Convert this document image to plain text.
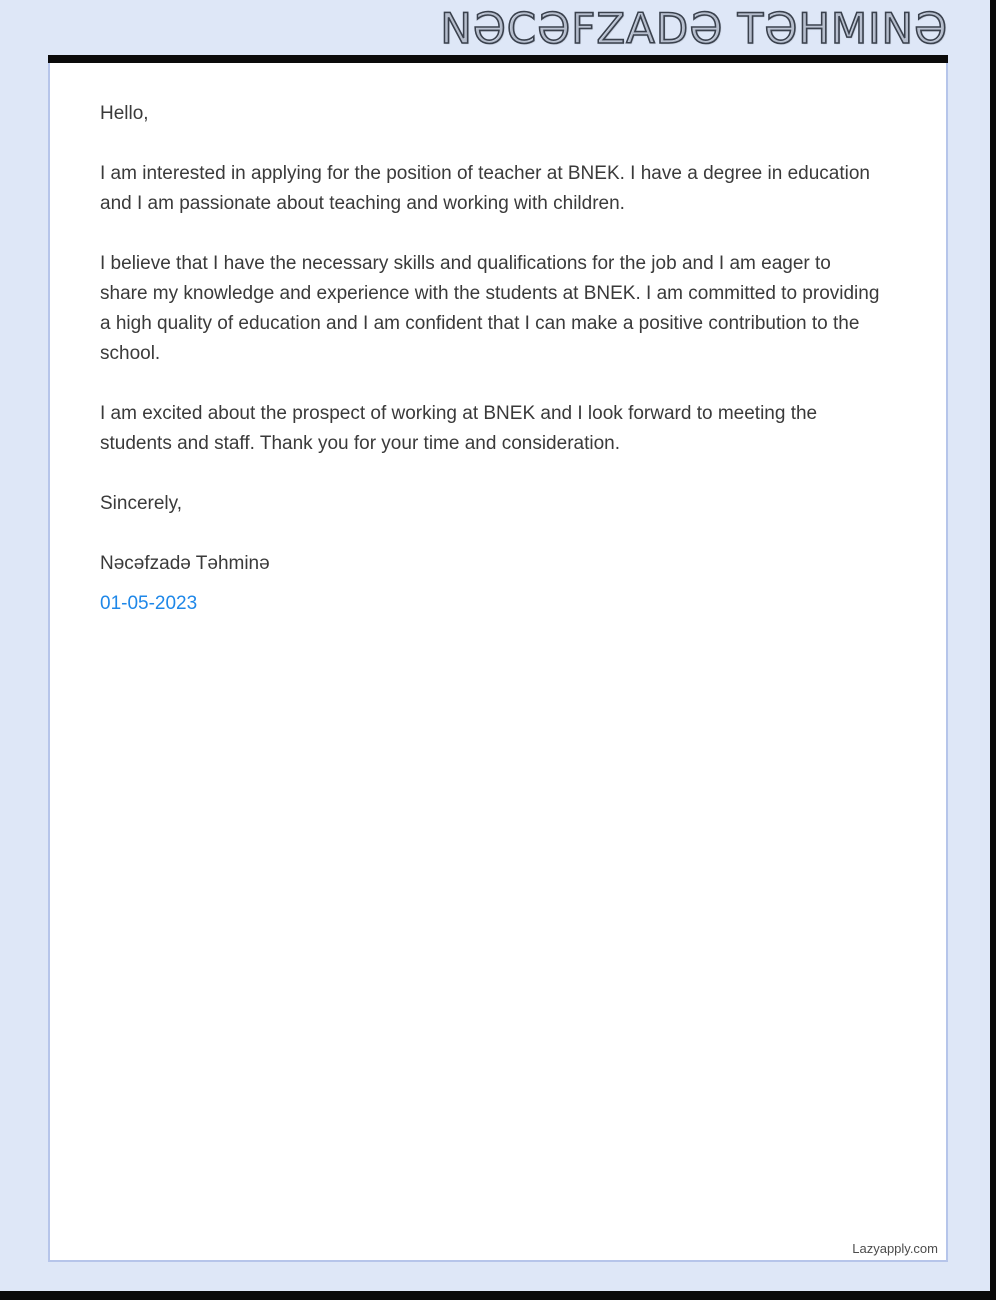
NƏCƏFZADƏ TƏHMINƏ

Hello,

I am interested in applying for the position of teacher at BNEK. I have a degree in education and I am passionate about teaching and working with children.

I believe that I have the necessary skills and qualifications for the job and I am eager to share my knowledge and experience with the students at BNEK. I am committed to providing a high quality of education and I am confident that I can make a positive contribution to the school.

I am excited about the prospect of working at BNEK and I look forward to meeting the students and staff. Thank you for your time and consideration.

Sincerely,

Nəcəfzadə Təhminə

01-05-2023

Lazyapply.com
